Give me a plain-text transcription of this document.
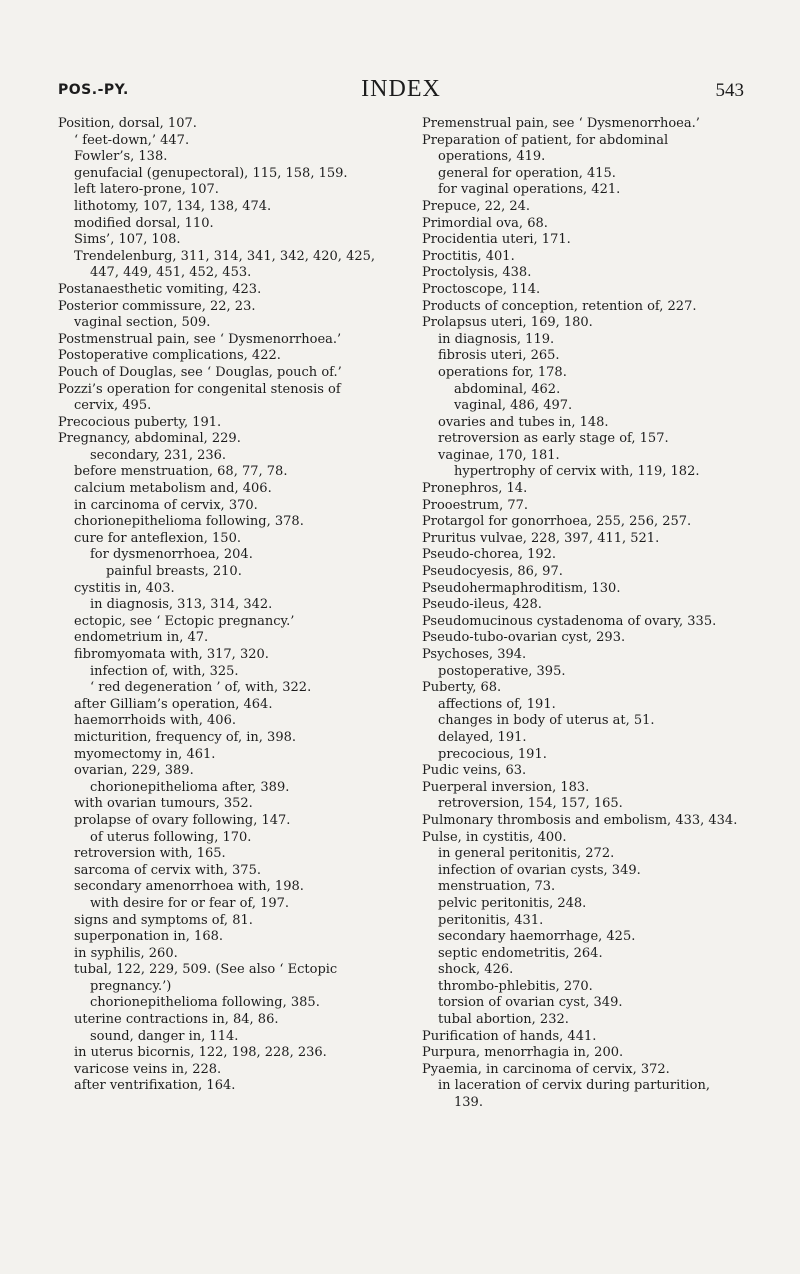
POS.-PY.	INDEX	543
Position, dorsal, 107.
‘ feet-down,’ 447.
Fowler’s, 138.
genufacial (genupectoral), 115, 158, 159.
left latero-prone, 107.
lithotomy, 107, 134, 138, 474.
modified dorsal, 110.
Sims’, 107, 108.
Trendelenburg, 311, 314, 341, 342, 420, 425, 447, 449, 451, 452, 453.
Postanaesthetic vomiting, 423.
Posterior commissure, 22, 23.
vaginal section, 509.
Postmenstrual pain, see ‘ Dysmenorrhoea.’
Postoperative complications, 422.
Pouch of Douglas, see ‘ Douglas, pouch of.’
Pozzi’s operation for congenital stenosis of cervix, 495.
Precocious puberty, 191.
Pregnancy, abdominal, 229.
secondary, 231, 236.
before menstruation, 68, 77, 78.
calcium metabolism and, 406.
in carcinoma of cervix, 370.
chorionepithelioma following, 378.
cure for anteflexion, 150.
for dysmenorrhoea, 204.
painful breasts, 210.
cystitis in, 403.
in diagnosis, 313, 314, 342.
ectopic, see ‘ Ectopic pregnancy.’
endometrium in, 47.
fibromyomata with, 317, 320.
infection of, with, 325.
‘ red degeneration ’ of, with, 322.
after Gilliam’s operation, 464.
haemorrhoids with, 406.
micturition, frequency of, in, 398.
myomectomy in, 461.
ovarian, 229, 389.
chorionepithelioma after, 389.
with ovarian tumours, 352.
prolapse of ovary following, 147.
of uterus following, 170.
retroversion with, 165.
sarcoma of cervix with, 375.
secondary amenorrhoea with, 198.
with desire for or fear of, 197.
signs and symptoms of, 81.
superponation in, 168.
in syphilis, 260.
tubal, 122, 229, 509. (See also ‘ Ectopic pregnancy.’)
chorionepithelioma following, 385.
uterine contractions in, 84, 86.
sound, danger in, 114.
in uterus bicornis, 122, 198, 228, 236.
varicose veins in, 228.
after ventrifixation, 164.
Premenstrual pain, see ‘ Dysmenorrhoea.’
Preparation of patient, for abdominal operations, 419.
general for operation, 415.
for vaginal operations, 421.
Prepuce, 22, 24.
Primordial ova, 68.
Procidentia uteri, 171.
Proctitis, 401.
Proctolysis, 438.
Proctoscope, 114.
Products of conception, retention of, 227.
Prolapsus uteri, 169, 180.
in diagnosis, 119.
fibrosis uteri, 265.
operations for, 178.
abdominal, 462.
vaginal, 486, 497.
ovaries and tubes in, 148.
retroversion as early stage of, 157.
vaginae, 170, 181.
hypertrophy of cervix with, 119, 182.
Pronephros, 14.
Prooestrum, 77.
Protargol for gonorrhoea, 255, 256, 257.
Pruritus vulvae, 228, 397, 411, 521.
Pseudo-chorea, 192.
Pseudocyesis, 86, 97.
Pseudohermaphroditism, 130.
Pseudo-ileus, 428.
Pseudomucinous cystadenoma of ovary, 335.
Pseudo-tubo-ovarian cyst, 293.
Psychoses, 394.
postoperative, 395.
Puberty, 68.
affections of, 191.
changes in body of uterus at, 51.
delayed, 191.
precocious, 191.
Pudic veins, 63.
Puerperal inversion, 183.
retroversion, 154, 157, 165.
Pulmonary thrombosis and embolism, 433, 434.
Pulse, in cystitis, 400.
in general peritonitis, 272.
infection of ovarian cysts, 349.
menstruation, 73.
pelvic peritonitis, 248.
peritonitis, 431.
secondary haemorrhage, 425.
septic endometritis, 264.
shock, 426.
thrombo-phlebitis, 270.
torsion of ovarian cyst, 349.
tubal abortion, 232.
Purification of hands, 441.
Purpura, menorrhagia in, 200.
Pyaemia, in carcinoma of cervix, 372.
in laceration of cervix during parturition, 139.
